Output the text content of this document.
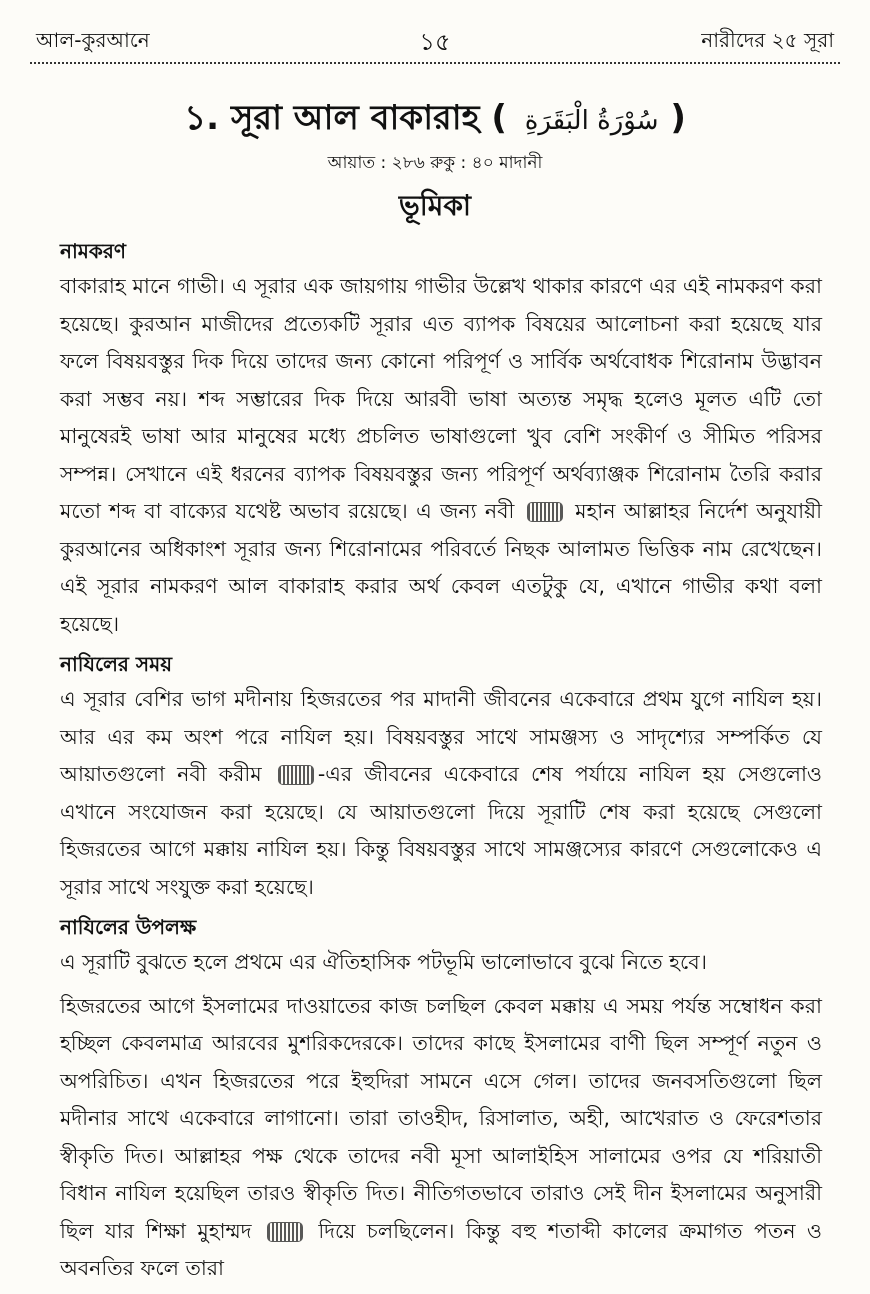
আল-কুরআনে	১৫	নারীদের ২৫ সূরা
১. সূরা আল বাকারাহ ( سُوْرَةُ الْبَقَرَةِ )
আয়াত : ২৮৬ রুকু : ৪০ মাদানী
ভূমিকা

নামকরণ

বাকারাহ মানে গাভী। এ সূরার এক জায়গায় গাভীর উল্লেখ থাকার কারণে এর এই নামকরণ করা হয়েছে। কুরআন মাজীদের প্রত্যেকটি সূরার এত ব্যাপক বিষয়ের আলোচনা করা হয়েছে যার ফলে বিষয়বস্তুর দিক দিয়ে তাদের জন্য কোনো পরিপূর্ণ ও সার্বিক অর্থবোধক শিরোনাম উদ্ভাবন করা সম্ভব নয়। শব্দ সম্ভারের দিক দিয়ে আরবী ভাষা অত্যন্ত সমৃদ্ধ হলেও মূলত এটি তো মানুষেরই ভাষা আর মানুষের মধ্যে প্রচলিত ভাষাগুলো খুব বেশি সংকীর্ণ ও সীমিত পরিসর সম্পন্ন। সেখানে এই ধরনের ব্যাপক বিষয়বস্তুর জন্য পরিপূর্ণ অর্থব্যাঞ্জক শিরোনাম তৈরি করার মতো শব্দ বা বাক্যের যথেষ্ট অভাব রয়েছে। এ জন্য নবী	মহান আল্লাহর নির্দেশ অনুযায়ী কুরআনের অধিকাংশ সূরার জন্য শিরোনামের পরিবর্তে নিছক আলামত ভিত্তিক নাম রেখেছেন। এই সূরার নামকরণ আল বাকারাহ করার অর্থ কেবল এতটুকু যে, এখানে গাভীর কথা বলা হয়েছে।

নাযিলের সময়

এ সূরার বেশির ভাগ মদীনায় হিজরতের পর মাদানী জীবনের একেবারে প্রথম যুগে নাযিল হয়। আর এর কম অংশ পরে নাযিল হয়। বিষয়বস্তুর সাথে সামঞ্জস্য ও সাদৃশ্যের সম্পর্কিত যে আয়াতগুলো নবী করীম	-এর জীবনের একেবারে শেষ পর্যায়ে নাযিল হয় সেগুলোও এখানে সংযোজন করা হয়েছে। যে আয়াতগুলো দিয়ে সূরাটি শেষ করা হয়েছে সেগুলো হিজরতের আগে মক্কায় নাযিল হয়। কিন্তু বিষয়বস্তুর সাথে সামঞ্জস্যের কারণে সেগুলোকেও এ সূরার সাথে সংযুক্ত করা হয়েছে।

নাযিলের উপলক্ষ

এ সূরাটি বুঝতে হলে প্রথমে এর ঐতিহাসিক পটভূমি ভালোভাবে বুঝে নিতে হবে।

হিজরতের আগে ইসলামের দাওয়াতের কাজ চলছিল কেবল মক্কায় এ সময় পর্যন্ত সম্বোধন করা হচ্ছিল কেবলমাত্র আরবের মুশরিকদেরকে। তাদের কাছে ইসলামের বাণী ছিল সম্পূর্ণ নতুন ও অপরিচিত। এখন হিজরতের পরে ইহুদিরা সামনে এসে গেল। তাদের জনবসতিগুলো ছিল মদীনার সাথে একেবারে লাগানো। তারা তাওহীদ, রিসালাত, অহী, আখেরাত ও ফেরেশতার স্বীকৃতি দিত। আল্লাহর পক্ষ থেকে তাদের নবী মূসা আলাইহিস সালামের ওপর যে শরিয়াতী বিধান নাযিল হয়েছিল তারও স্বীকৃতি দিত। নীতিগতভাবে তারাও সেই দীন ইসলামের অনুসারী ছিল যার শিক্ষা মুহাম্মদ	দিয়ে চলছিলেন। কিন্তু বহু শতাব্দী কালের ক্রমাগত পতন ও অবনতির ফলে তারা
